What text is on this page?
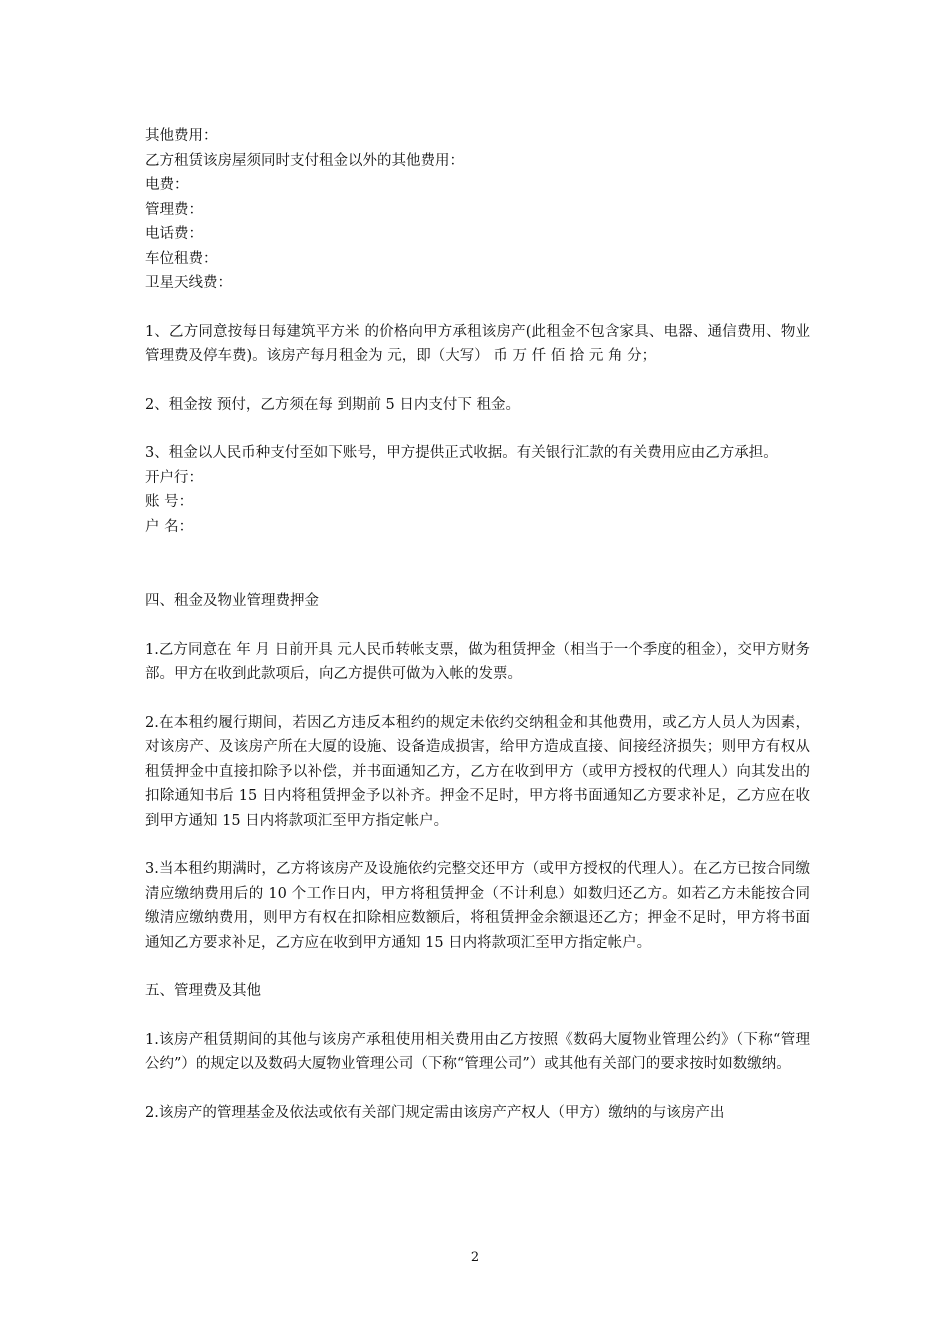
其他费用：
乙方租赁该房屋须同时支付租金以外的其他费用：
电费：
管理费：
电话费：
车位租费：
卫星天线费：
1、乙方同意按每日每建筑平方米 的价格向甲方承租该房产(此租金不包含家具、电器、通信费用、物业管理费及停车费)。该房产每月租金为 元，即（大写） 币 万 仟 佰 拾 元 角 分；
2、租金按 预付，乙方须在每 到期前 5 日内支付下 租金。
3、租金以人民币种支付至如下账号，甲方提供正式收据。有关银行汇款的有关费用应由乙方承担。
开户行：
账 号：
户 名：
四、租金及物业管理费押金
1.乙方同意在 年 月 日前开具 元人民币转帐支票，做为租赁押金（相当于一个季度的租金），交甲方财务部。甲方在收到此款项后，向乙方提供可做为入帐的发票。
2.在本租约履行期间，若因乙方违反本租约的规定未依约交纳租金和其他费用，或乙方人员人为因素，对该房产、及该房产所在大厦的设施、设备造成损害，给甲方造成直接、间接经济损失；则甲方有权从租赁押金中直接扣除予以补偿，并书面通知乙方，乙方在收到甲方（或甲方授权的代理人）向其发出的扣除通知书后 15 日内将租赁押金予以补齐。押金不足时，甲方将书面通知乙方要求补足，乙方应在收到甲方通知 15 日内将款项汇至甲方指定帐户。
3.当本租约期满时，乙方将该房产及设施依约完整交还甲方（或甲方授权的代理人）。在乙方已按合同缴清应缴纳费用后的 10 个工作日内，甲方将租赁押金（不计利息）如数归还乙方。如若乙方未能按合同缴清应缴纳费用，则甲方有权在扣除相应数额后，将租赁押金余额退还乙方；押金不足时，甲方将书面通知乙方要求补足，乙方应在收到甲方通知 15 日内将款项汇至甲方指定帐户。
五、管理费及其他
1.该房产租赁期间的其他与该房产承租使用相关费用由乙方按照《数码大厦物业管理公约》（下称“管理公约”）的规定以及数码大厦物业管理公司（下称“管理公司”）或其他有关部门的要求按时如数缴纳。
2.该房产的管理基金及依法或依有关部门规定需由该房产产权人（甲方）缴纳的与该房产出
2
